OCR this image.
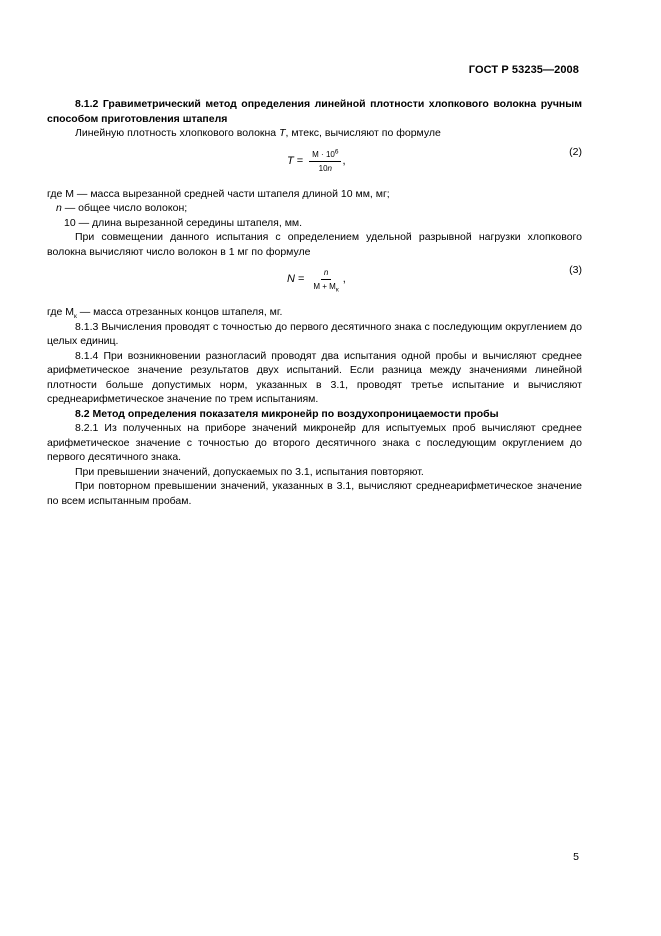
ГОСТ Р 53235—2008

8.1.2 Гравиметрический метод определения линейной плотности хлопкового волокна ручным способом приготовления штапеля

Линейную плотность хлопкового волокна T, мтекс, вычисляют по формуле

$T = \frac{M \cdot 10^6}{10n}$ ,
(2)

где М — масса вырезанной средней части штапеля длиной 10 мм, мг;

n — общее число волокон;

10 — длина вырезанной середины штапеля, мм.

При совмещении данного испытания с определением удельной разрывной нагрузки хлопкового волокна вычисляют число волокон в 1 мг по формуле

$N = \frac{n}{M + M_к}$ ,
(3)

где $М_к$ — масса отрезанных концов штапеля, мг.

8.1.3 Вычисления проводят с точностью до первого десятичного знака с последующим округлением до целых единиц.

8.1.4 При возникновении разногласий проводят два испытания одной пробы и вычисляют среднее арифметическое значение результатов двух испытаний. Если разница между значениями линейной плотности больше допустимых норм, указанных в 3.1, проводят третье испытание и вычисляют среднеарифметическое значение по трем испытаниям.

8.2 Метод определения показателя микронейр по воздухопроницаемости пробы

8.2.1 Из полученных на приборе значений микронейр для испытуемых проб вычисляют среднее арифметическое значение с точностью до второго десятичного знака с последующим округлением до первого десятичного знака.

При превышении значений, допускаемых по 3.1, испытания повторяют.

При повторном превышении значений, указанных в 3.1, вычисляют среднеарифметическое значение по всем испытанным пробам.

5
